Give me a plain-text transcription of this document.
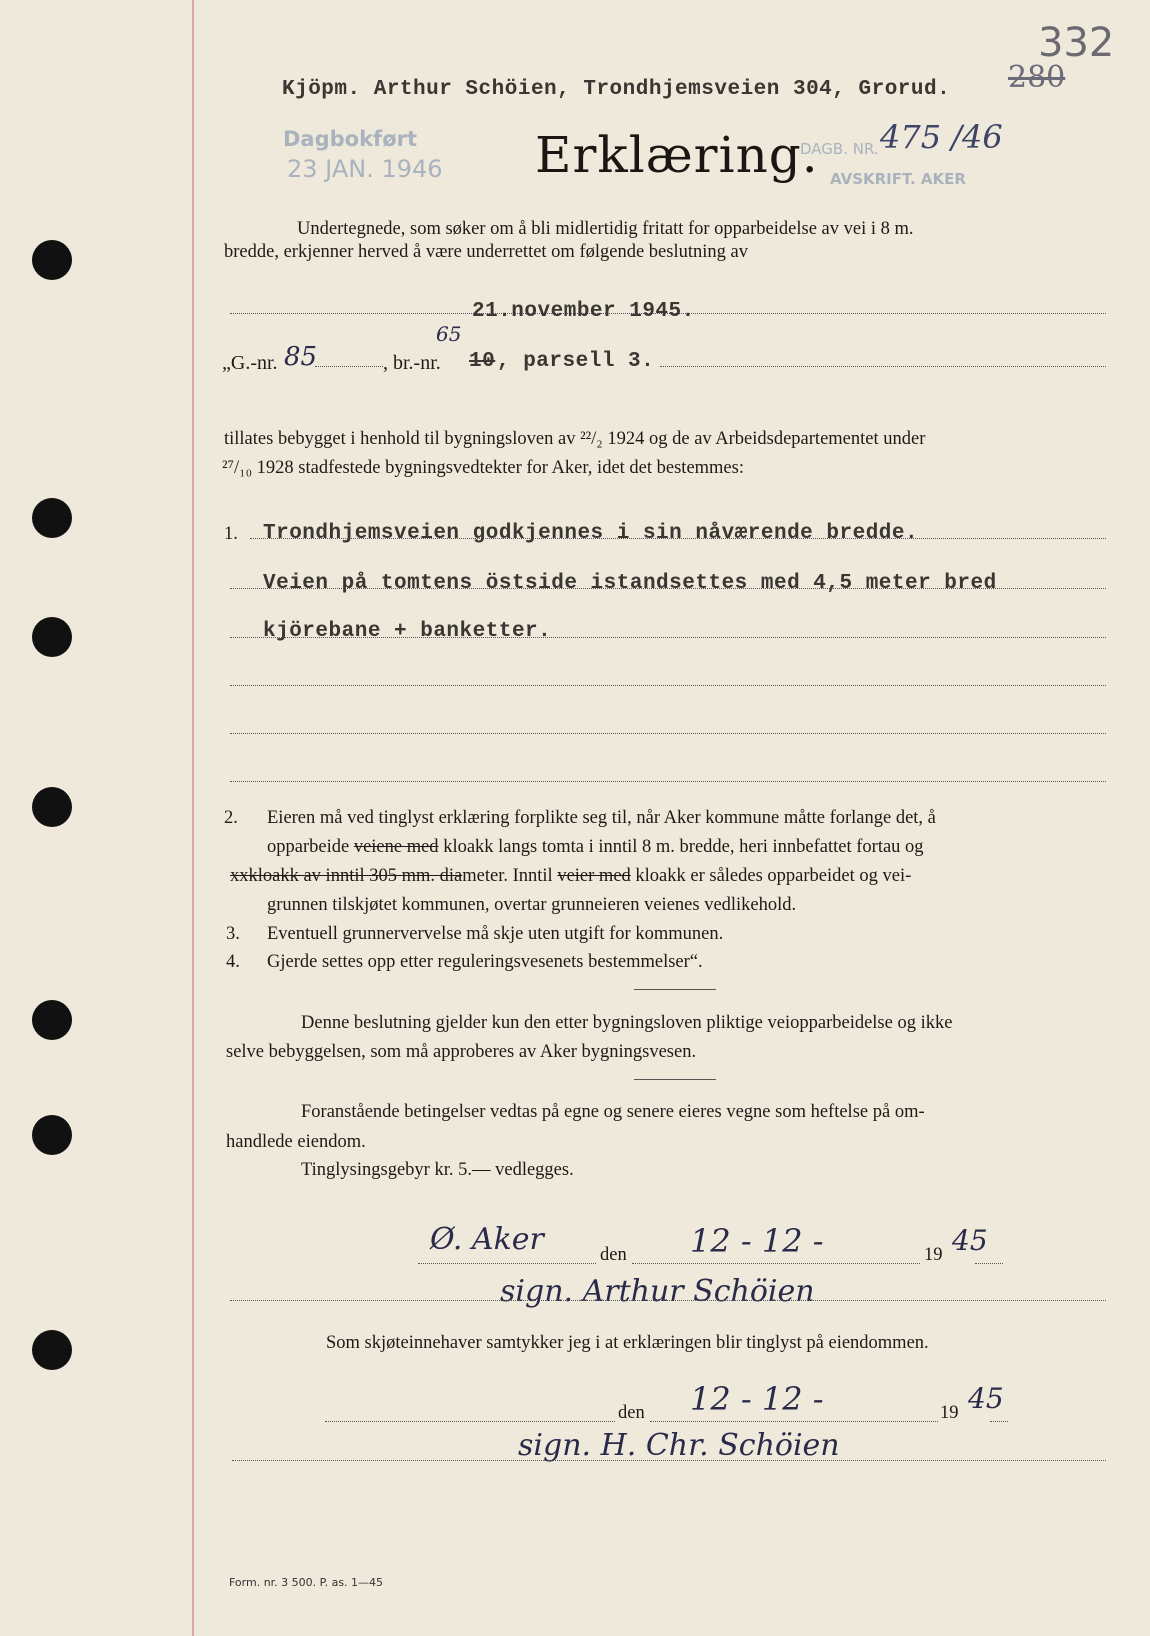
280
332
Kjöpm. Arthur Schöien, Trondhjemsveien 304, Grorud.
Dagbokført
23 JAN. 1946 Erklæring.
DAGB. NR. 475 /46
AVSKRIFT. AKER
Undertegnede, som søker om å bli midlertidig fritatt for opparbeidelse av vei i 8 m.
bredde, erkjenner herved å være underrettet om følgende beslutning av
21.november 1945.
„G.-nr. 85	, br.-nr.
65
10 , parsell 3.
tillates bebygget i henhold til bygningsloven av ²²/₂ 1924 og de av Arbeidsdepartementet under
²⁷/₁₀ 1928 stadfestede bygningsvedtekter for Aker, idet det bestemmes:
1. Trondhjemsveien godkjennes i sin nåværende bredde.
Veien på tomtens östside istandsettes med 4,5 meter bred
kjörebane + banketter.
2. Eieren må ved tinglyst erklæring forplikte seg til, når Aker kommune måtte forlange det, å
opparbeide veiene med kloakk langs tomta i inntil 8 m. bredde, heri innbefattet fortau og
xxkloakk av inntil 305 mm. diameter. Inntil veier med kloakk er således opparbeidet og vei-
grunnen tilskjøtet kommunen, overtar grunneieren veienes vedlikehold.
3. Eventuell grunnervervelse må skje uten utgift for kommunen.
4. Gjerde settes opp etter reguleringsvesenets bestemmelser“.
Denne beslutning gjelder kun den etter bygningsloven pliktige veiopparbeidelse og ikke
selve bebyggelsen, som må approberes av Aker bygningsvesen.
Foranstående betingelser vedtas på egne og senere eieres vegne som heftelse på om-
handlede eiendom.
Tinglysingsgebyr kr. 5.— vedlegges.
Ø. Aker	den 12 - 12 -	19 45
sign. Arthur Schöien
Som skjøteinnehaver samtykker jeg i at erklæringen blir tinglyst på eiendommen.
den 12 - 12 -	19 45
sign. H. Chr. Schöien
Form. nr. 3 500. P. as. 1—45
